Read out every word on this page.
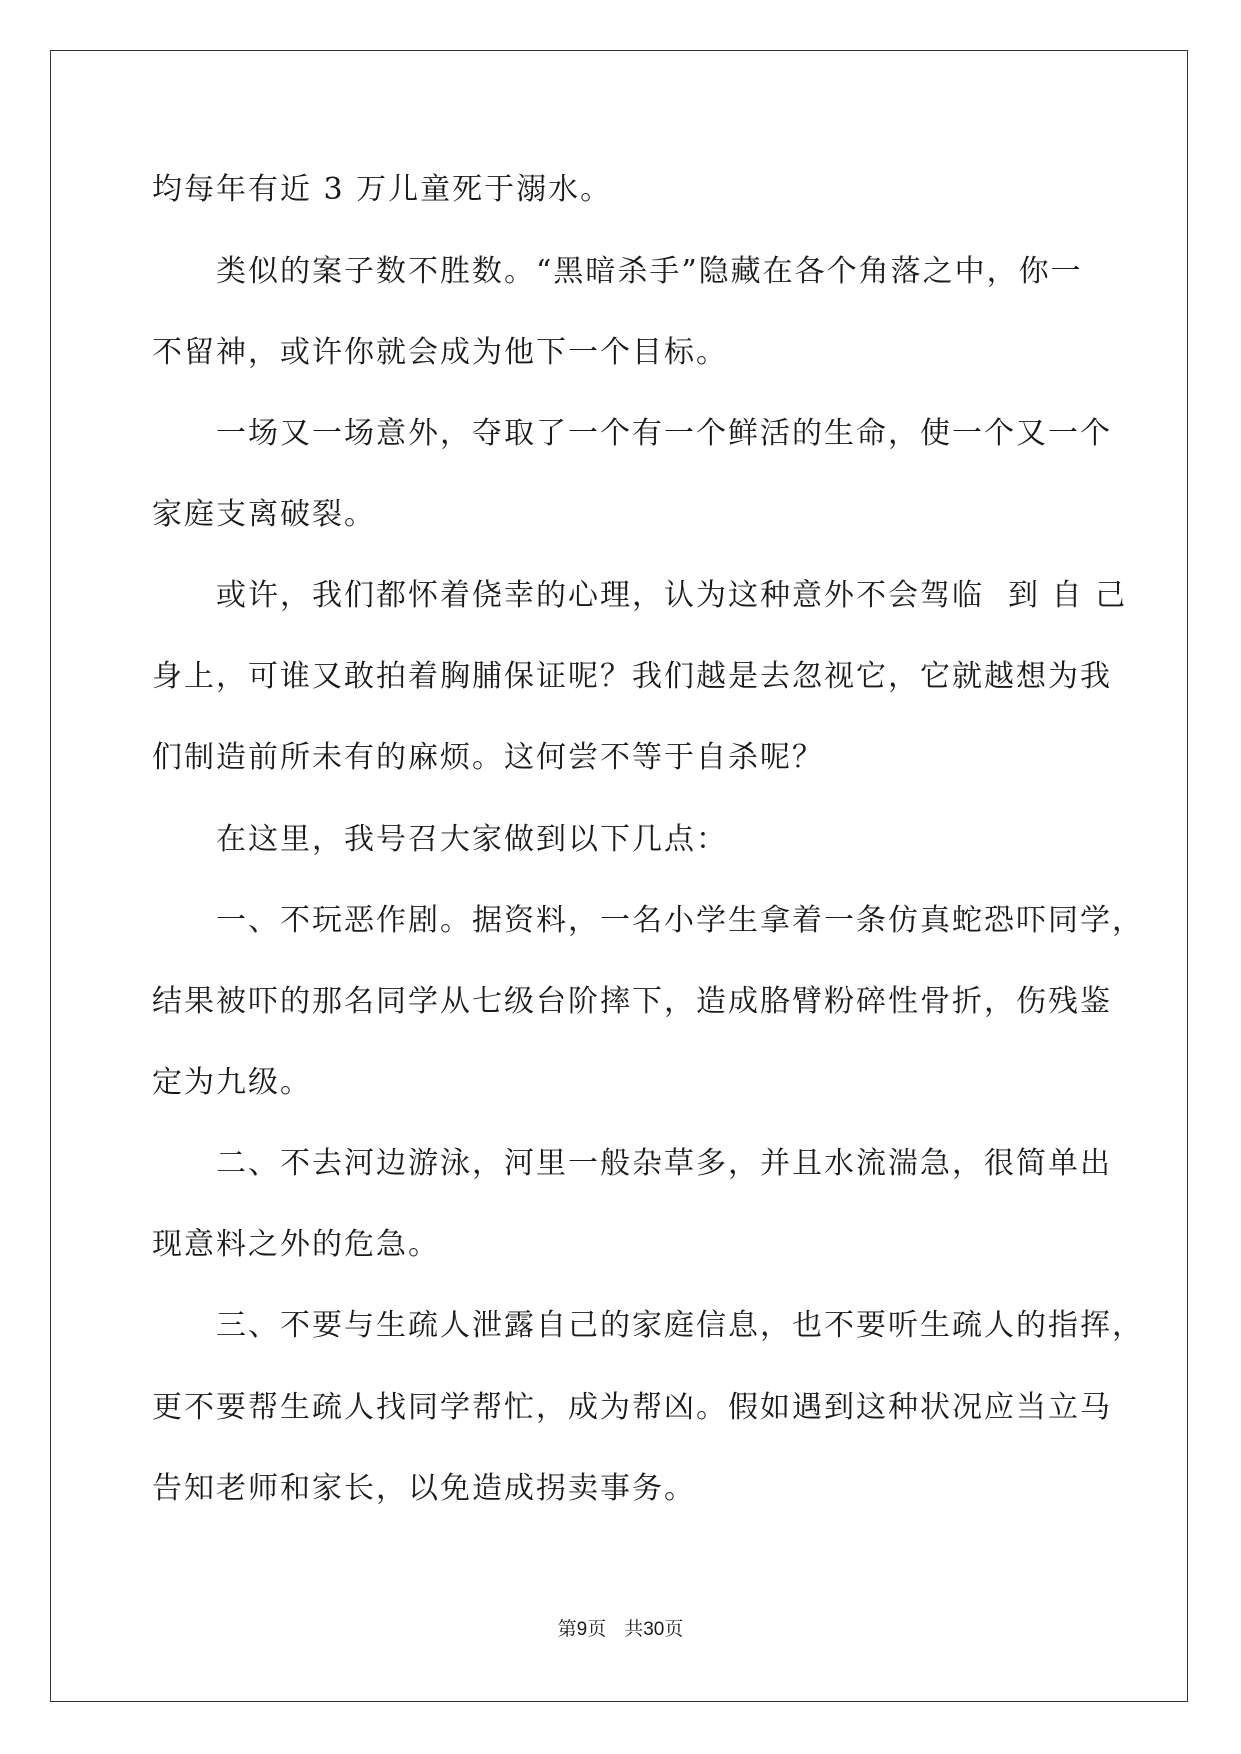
均每年有近 3 万儿童死于溺水。
类似的案子数不胜数。“黑暗杀手”隐藏在各个角落之中，你一
不留神，或许你就会成为他下一个目标。
一场又一场意外，夺取了一个有一个鲜活的生命，使一个又一个
家庭支离破裂。
或许，我们都怀着侥幸的心理，认为这种意外不会驾临 到 自 己
身上，可谁又敢拍着胸脯保证呢？我们越是去忽视它，它就越想为我
们制造前所未有的麻烦。这何尝不等于自杀呢？
在这里，我号召大家做到以下几点：
一、不玩恶作剧。据资料，一名小学生拿着一条仿真蛇恐吓同学，
结果被吓的那名同学从七级台阶摔下，造成胳臂粉碎性骨折，伤残鉴
定为九级。
二、不去河边游泳，河里一般杂草多，并且水流湍急，很简单出
现意料之外的危急。
三、不要与生疏人泄露自己的家庭信息，也不要听生疏人的指挥，
更不要帮生疏人找同学帮忙，成为帮凶。假如遇到这种状况应当立马
告知老师和家长，以免造成拐卖事务。
第9页 共30页
